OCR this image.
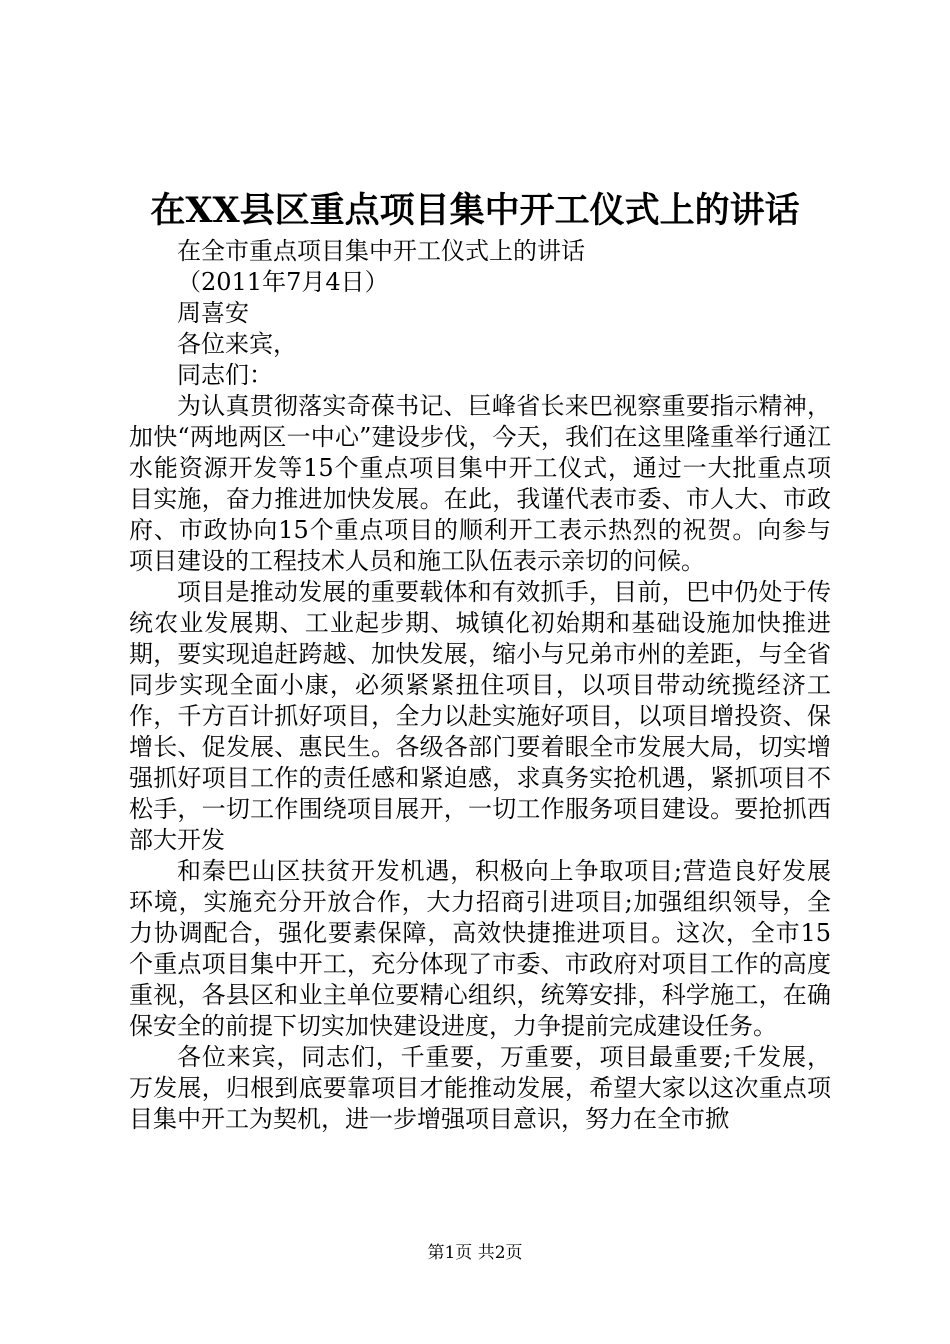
在XX县区重点项目集中开工仪式上的讲话

在全市重点项目集中开工仪式上的讲话

（2011年7月4日）

周喜安

各位来宾，

同志们：

为认真贯彻落实奇葆书记、巨峰省长来巴视察重要指示精神，加快“两地两区一中心”建设步伐，今天，我们在这里隆重举行通江水能资源开发等15个重点项目集中开工仪式，通过一大批重点项目实施，奋力推进加快发展。在此，我谨代表市委、市人大、市政府、市政协向15个重点项目的顺利开工表示热烈的祝贺。向参与项目建设的工程技术人员和施工队伍表示亲切的问候。

项目是推动发展的重要载体和有效抓手，目前，巴中仍处于传统农业发展期、工业起步期、城镇化初始期和基础设施加快推进期，要实现追赶跨越、加快发展，缩小与兄弟市州的差距，与全省同步实现全面小康，必须紧紧扭住项目，以项目带动统揽经济工作，千方百计抓好项目，全力以赴实施好项目，以项目增投资、保增长、促发展、惠民生。各级各部门要着眼全市发展大局，切实增强抓好项目工作的责任感和紧迫感，求真务实抢机遇，紧抓项目不松手，一切工作围绕项目展开，一切工作服务项目建设。要抢抓西部大开发

和秦巴山区扶贫开发机遇，积极向上争取项目;营造良好发展环境，实施充分开放合作，大力招商引进项目;加强组织领导，全力协调配合，强化要素保障，高效快捷推进项目。这次，全市15个重点项目集中开工，充分体现了市委、市政府对项目工作的高度重视，各县区和业主单位要精心组织，统筹安排，科学施工，在确保安全的前提下切实加快建设进度，力争提前完成建设任务。

各位来宾，同志们，千重要，万重要，项目最重要;千发展，万发展，归根到底要靠项目才能推动发展，希望大家以这次重点项目集中开工为契机，进一步增强项目意识，努力在全市掀

第1页 共2页
